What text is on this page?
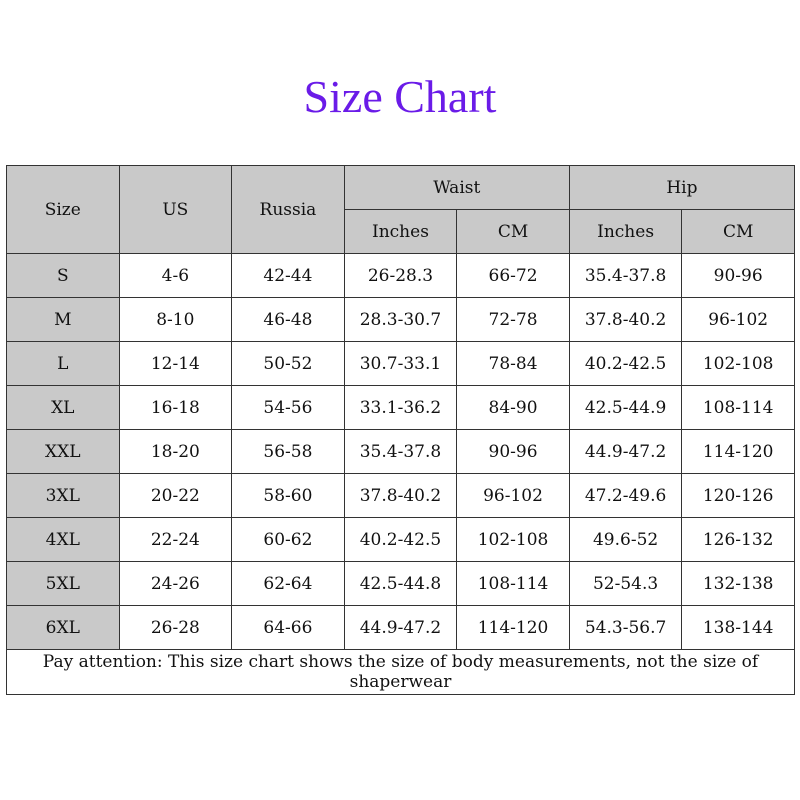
Size Chart
Size	US	Russia	Waist		Hip	
			Inches	CM	Inches	CM
S	4-6	42-44	26-28.3	66-72	35.4-37.8	90-96
M	8-10	46-48	28.3-30.7	72-78	37.8-40.2	96-102
L	12-14	50-52	30.7-33.1	78-84	40.2-42.5	102-108
XL	16-18	54-56	33.1-36.2	84-90	42.5-44.9	108-114
XXL	18-20	56-58	35.4-37.8	90-96	44.9-47.2	114-120
3XL	20-22	58-60	37.8-40.2	96-102	47.2-49.6	120-126
4XL	22-24	60-62	40.2-42.5	102-108	49.6-52	126-132
5XL	24-26	62-64	42.5-44.8	108-114	52-54.3	132-138
6XL	26-28	64-66	44.9-47.2	114-120	54.3-56.7	138-144
Pay attention: This size chart shows the size of body measurements, not the size of shaperwear						
